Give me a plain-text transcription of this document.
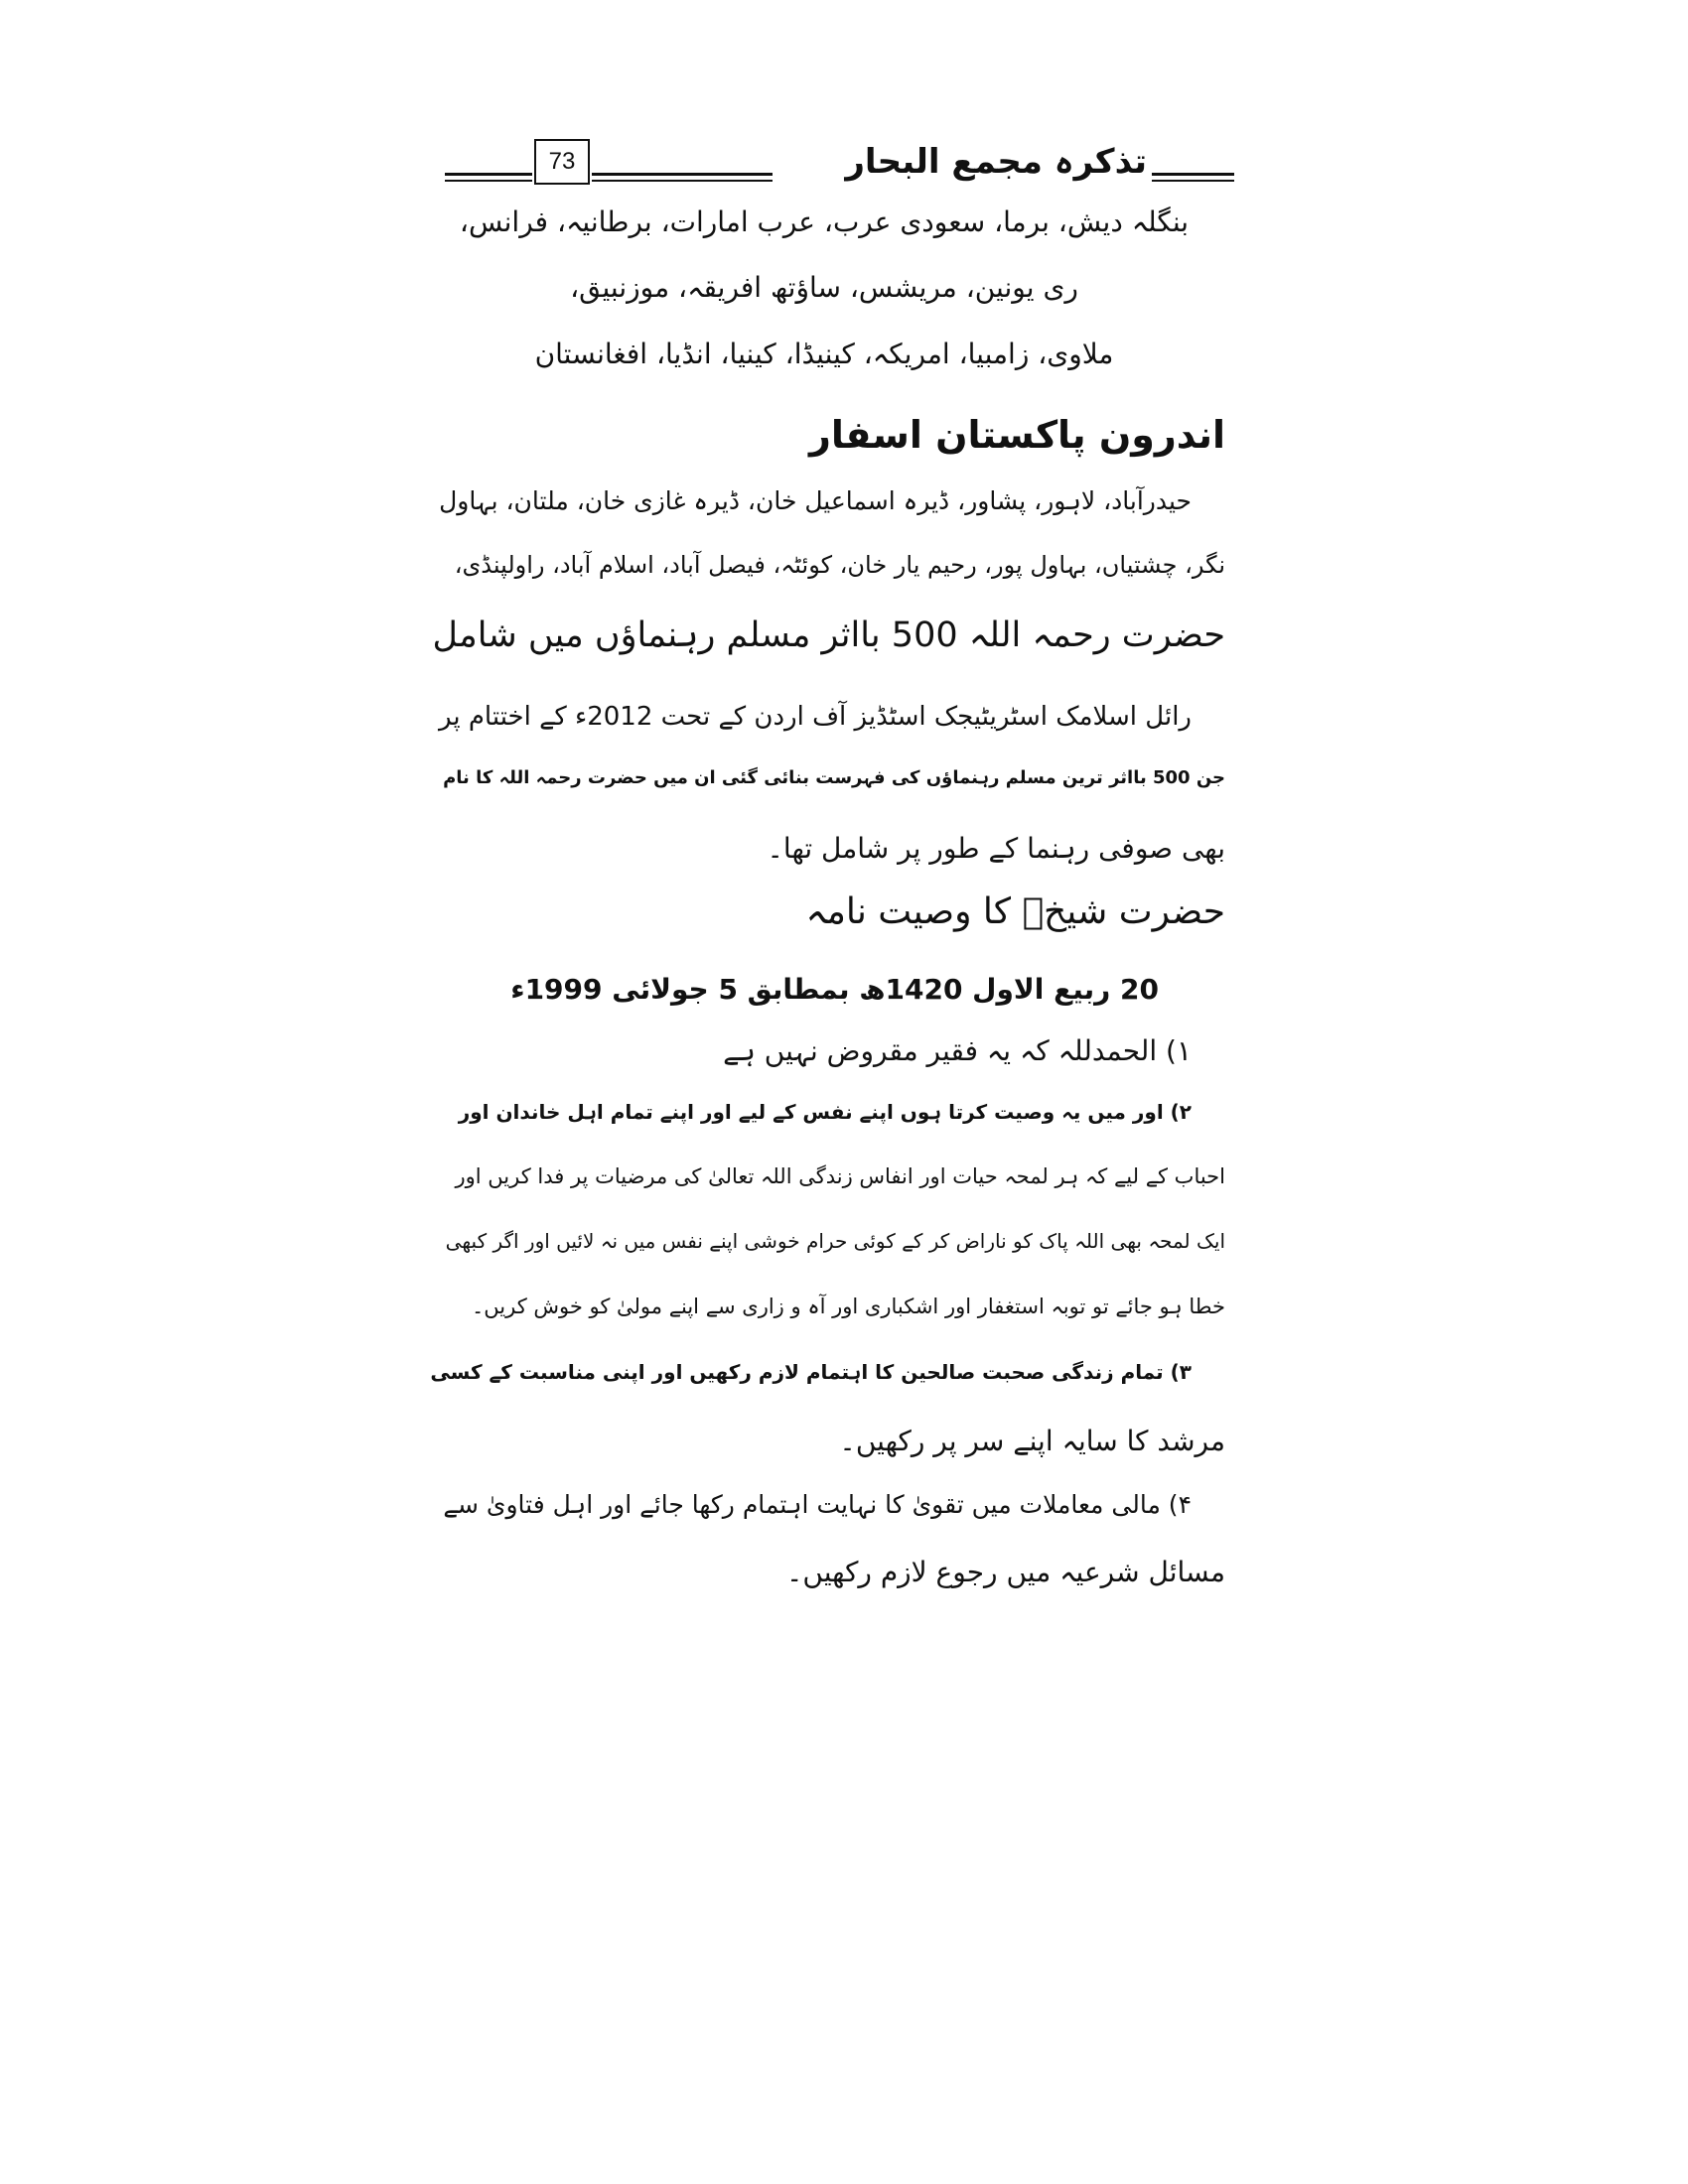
73	تذکرہ مجمع البحار
بنگلہ دیش، برما، سعودی عرب، عرب امارات، برطانیہ، فرانس،
ری یونین، مریشس، ساؤتھ افریقہ، موزنبیق،
ملاوی، زامبیا، امریکہ، کینیڈا، کینیا، انڈیا، افغانستان
اندرون پاکستان اسفار
حیدرآباد، لاہور، پشاور، ڈیرہ اسماعیل خان، ڈیرہ غازی خان، ملتان، بہاول
نگر، چشتیاں، بہاول پور، رحیم یار خان، کوئٹہ، فیصل آباد، اسلام آباد، راولپنڈی،
حضرت رحمہ اللہ 500 بااثر مسلم رہنماؤں میں شامل
رائل اسلامک اسٹریٹیجک اسٹڈیز آف اردن کے تحت 2012ء کے اختتام پر
جن 500 بااثر ترین مسلم رہنماؤں کی فہرست بنائی گئی ان میں حضرت رحمہ اللہ کا نام
بھی صوفی رہنما کے طور پر شامل تھا۔
حضرت شیخؒ کا وصیت نامہ
20 ربیع الاول 1420ھ بمطابق 5 جولائی 1999ء
۱) الحمدللہ کہ یہ فقیر مقروض نہیں ہے
۲) اور میں یہ وصیت کرتا ہوں اپنے نفس کے لیے اور اپنے تمام اہل خاندان اور
احباب کے لیے کہ ہر لمحہ حیات اور انفاس زندگی اللہ تعالیٰ کی مرضیات پر فدا کریں اور
ایک لمحہ بھی اللہ پاک کو ناراض کر کے کوئی حرام خوشی اپنے نفس میں نہ لائیں اور اگر کبھی
خطا ہو جائے تو توبہ استغفار اور اشکباری اور آہ و زاری سے اپنے مولیٰ کو خوش کریں۔
۳) تمام زندگی صحبت صالحین کا اہتمام لازم رکھیں اور اپنی مناسبت کے کسی
مرشد کا سایہ اپنے سر پر رکھیں۔
۴) مالی معاملات میں تقویٰ کا نہایت اہتمام رکھا جائے اور اہل فتاویٰ سے
مسائل شرعیہ میں رجوع لازم رکھیں۔
